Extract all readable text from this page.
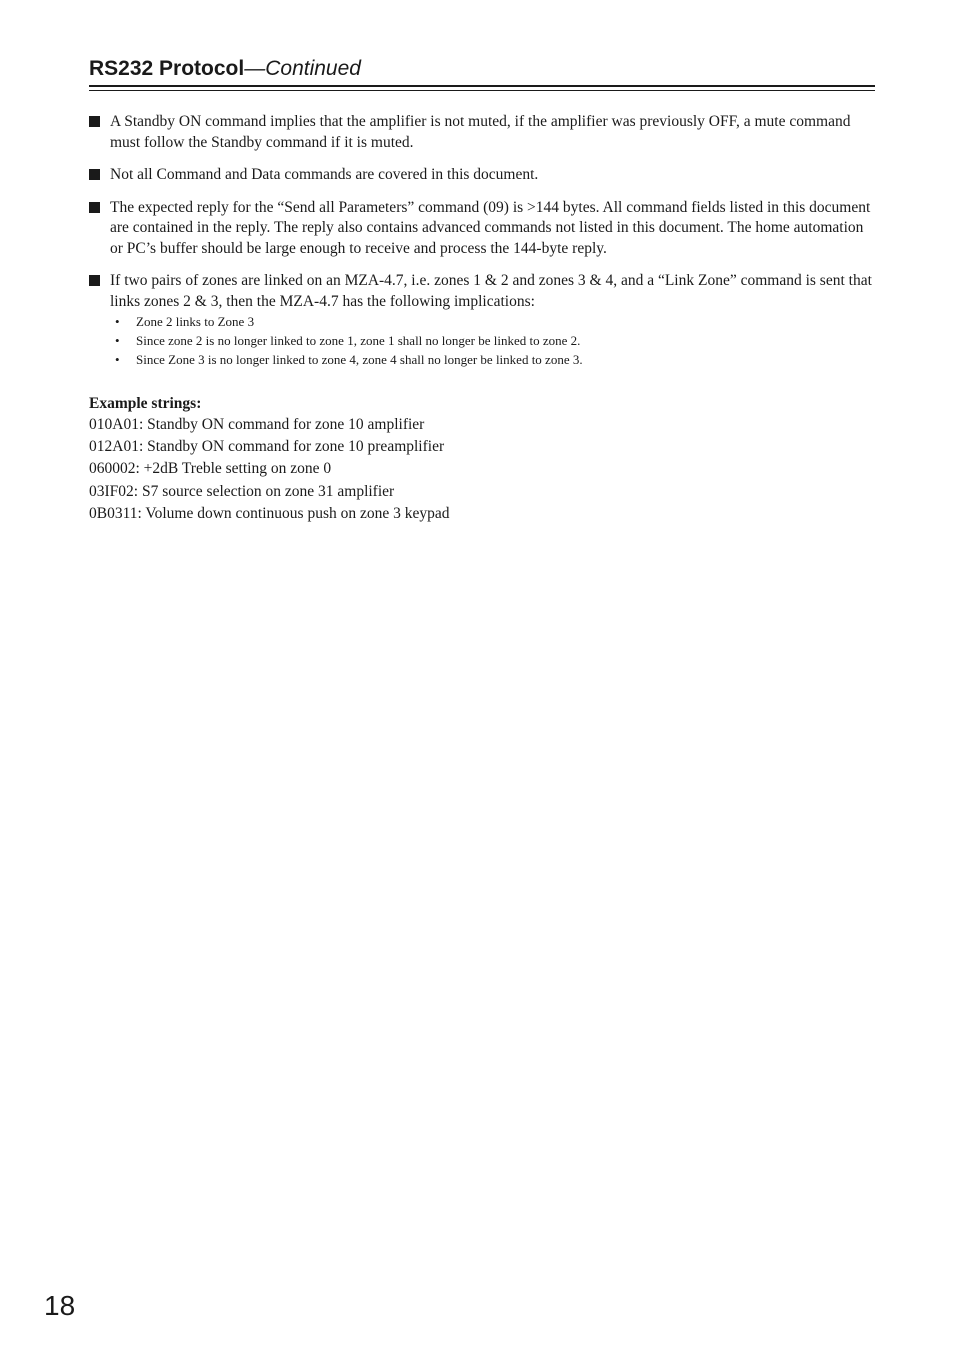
RS232 Protocol—Continued
A Standby ON command implies that the amplifier is not muted, if the amplifier was previously OFF, a mute command must follow the Standby command if it is muted.
Not all Command and Data commands are covered in this document.
The expected reply for the “Send all Parameters” command (09) is >144 bytes. All command fields listed in this document are contained in the reply. The reply also contains advanced commands not listed in this document. The home automation or PC’s buffer should be large enough to receive and process the 144-byte reply.
If two pairs of zones are linked on an MZA-4.7, i.e. zones 1 & 2 and zones 3 & 4, and a “Link Zone” command is sent that links zones 2 & 3, then the MZA-4.7 has the following implications:
• Zone 2 links to Zone 3
• Since zone 2 is no longer linked to zone 1, zone 1 shall no longer be linked to zone 2.
• Since Zone 3 is no longer linked to zone 4, zone 4 shall no longer be linked to zone 3.
Example strings:
010A01: Standby ON command for zone 10 amplifier
012A01: Standby ON command for zone 10 preamplifier
060002: +2dB Treble setting on zone 0
03IF02: S7 source selection on zone 31 amplifier
0B0311: Volume down continuous push on zone 3 keypad
18
